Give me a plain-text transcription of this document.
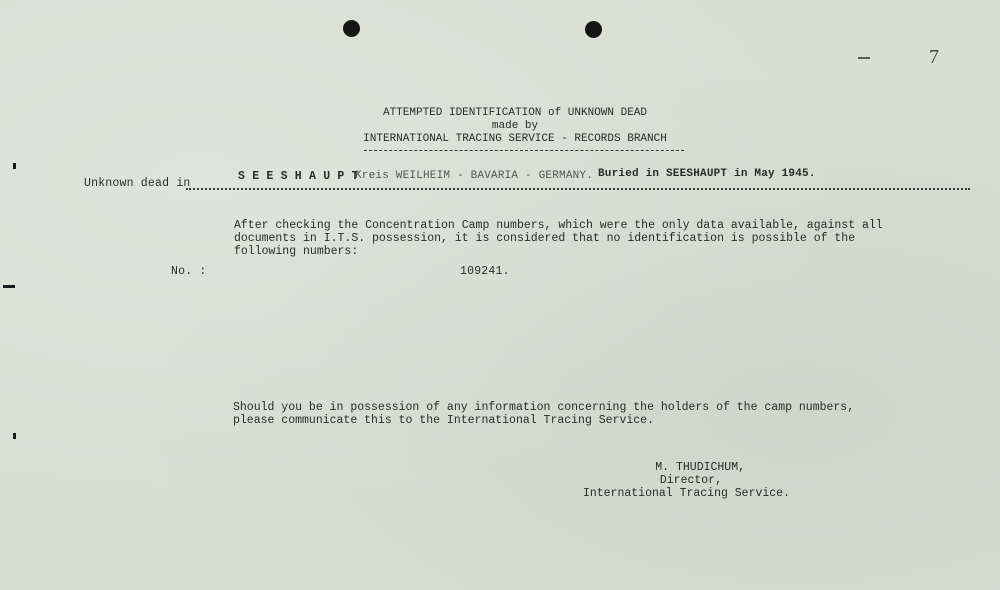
7
ATTEMPTED IDENTIFICATION of UNKNOWN DEAD
made by
INTERNATIONAL TRACING SERVICE - RECORDS BRANCH
Unknown dead in
S E E S H A U P T
Kreis WEILHEIM - BAVARIA - GERMANY. Buried in SEESHAUPT in May 1945.
After checking the Concentration Camp numbers, which were the only data available, against all
documents in I.T.S. possession, it is considered that no identification is possible of the
following numbers:
No. :	109241.
Should you be in possession of any information concerning the holders of the camp numbers,
please communicate this to the International Tracing Service.
M. THUDICHUM,
Director,
International Tracing Service.
